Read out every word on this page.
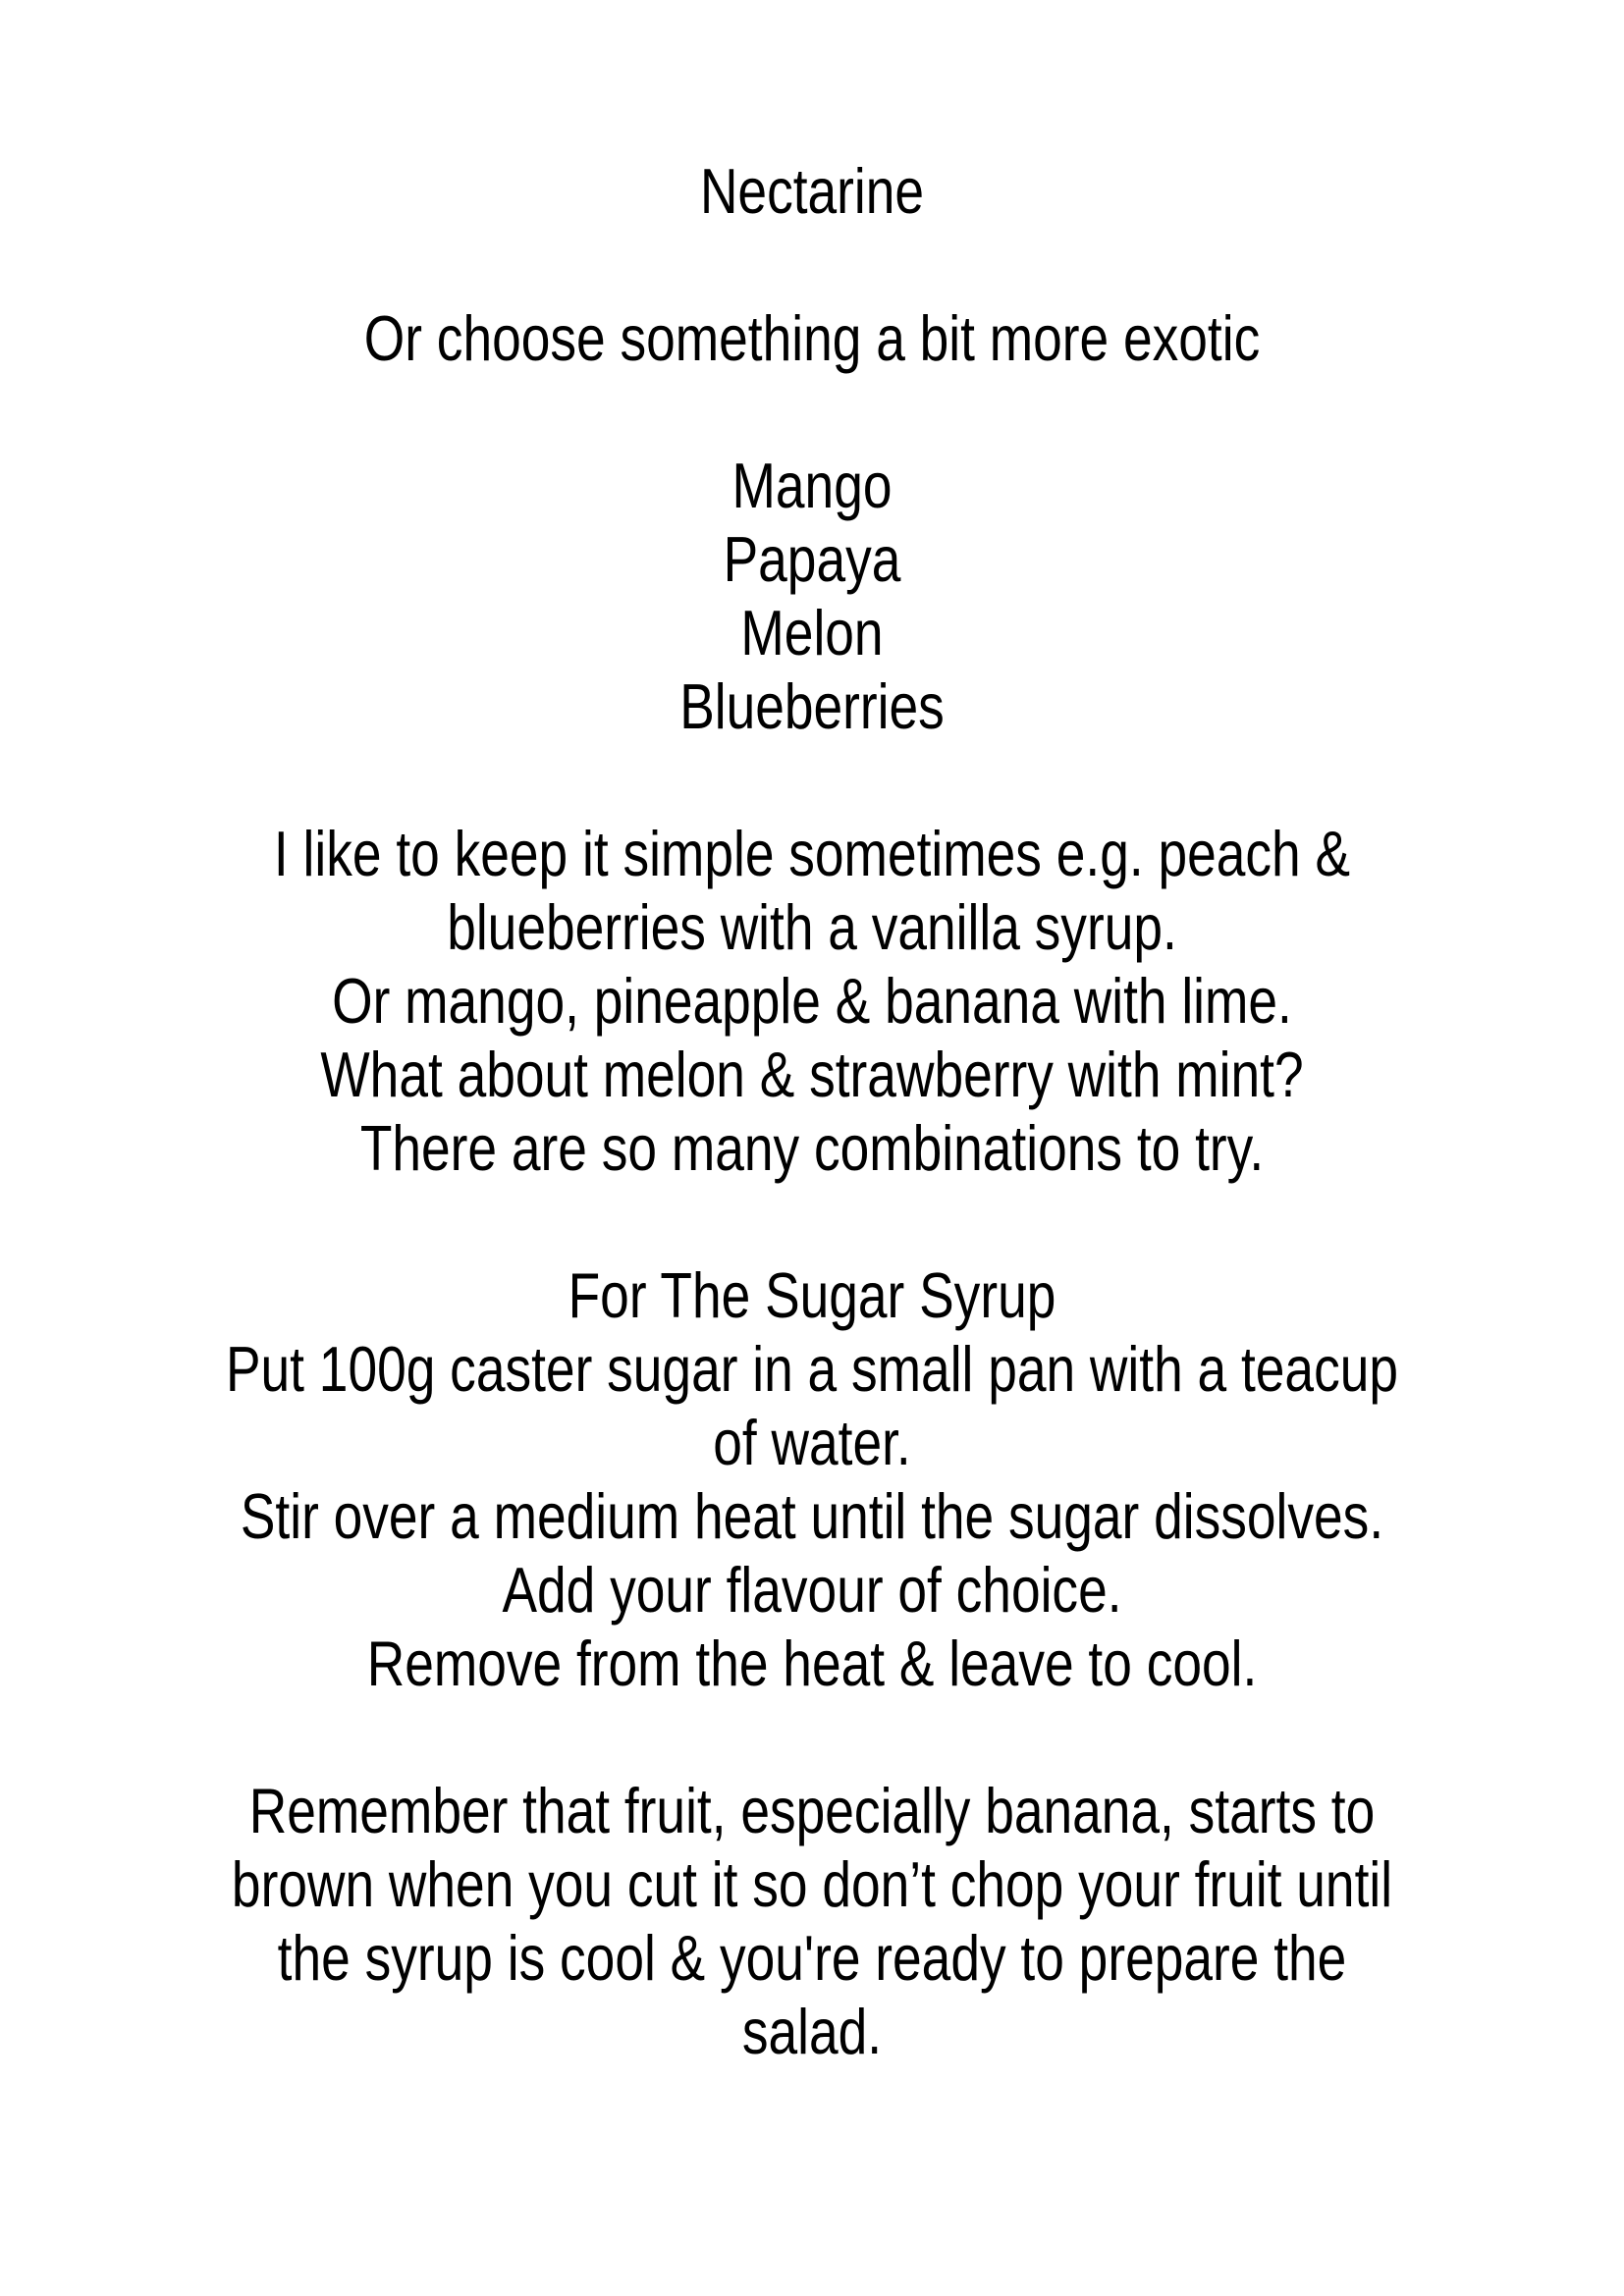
Nectarine
Or choose something a bit more exotic
Mango
Papaya
Melon
Blueberries
I like to keep it simple sometimes e.g. peach &
blueberries with a vanilla syrup.
Or mango, pineapple & banana with lime.
What about melon & strawberry with mint?
There are so many combinations to try.
For The Sugar Syrup
Put 100g caster sugar in a small pan with a teacup
of water.
Stir over a medium heat until the sugar dissolves.
Add your flavour of choice.
Remove from the heat & leave to cool.
Remember that fruit, especially banana, starts to
brown when you cut it so don’t chop your fruit until
the syrup is cool & you're ready to prepare the
salad.
